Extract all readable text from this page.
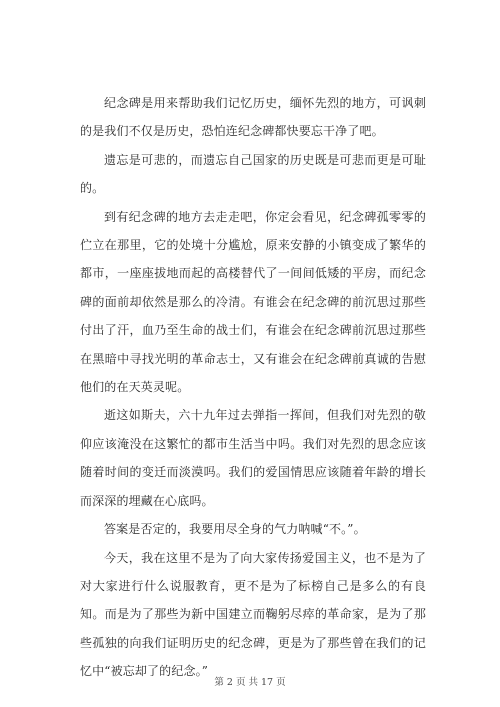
纪念碑是用来帮助我们记忆历史，缅怀先烈的地方，可讽刺的是我们不仅是历史，恐怕连纪念碑都快要忘干净了吧。

遗忘是可悲的，而遗忘自己国家的历史既是可悲而更是可耻的。

到有纪念碑的地方去走走吧，你定会看见，纪念碑孤零零的伫立在那里，它的处境十分尴尬，原来安静的小镇变成了繁华的都市，一座座拔地而起的高楼替代了一间间低矮的平房，而纪念碑的面前却依然是那么的冷清。有谁会在纪念碑的前沉思过那些付出了汗，血乃至生命的战士们，有谁会在纪念碑前沉思过那些在黑暗中寻找光明的革命志士，又有谁会在纪念碑前真诚的告慰他们的在天英灵呢。

逝这如斯夫，六十九年过去弹指一挥间，但我们对先烈的敬仰应该淹没在这繁忙的都市生活当中吗。我们对先烈的思念应该随着时间的变迁而淡漠吗。我们的爱国情思应该随着年龄的增长而深深的埋藏在心底吗。

答案是否定的，我要用尽全身的气力呐喊“不。”。

今天，我在这里不是为了向大家传扬爱国主义，也不是为了对大家进行什么说服教育，更不是为了标榜自己是多么的有良知。而是为了那些为新中国建立而鞠躬尽瘁的革命家，是为了那些孤独的向我们证明历史的纪念碑，更是为了那些曾在我们的记忆中“被忘却了的纪念。”

第 2 页 共 17 页
